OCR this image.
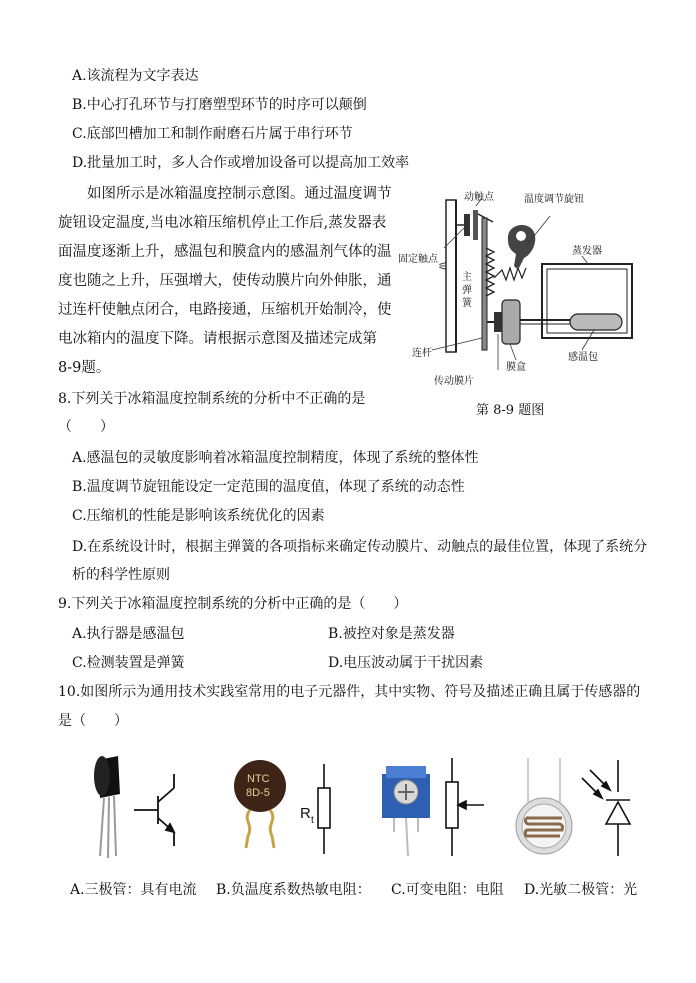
A.该流程为文字表达
B.中心打孔环节与打磨塑型环节的时序可以颠倒
C.底部凹槽加工和制作耐磨石片属于串行环节
D.批量加工时，多人合作或增加设备可以提高加工效率
　　如图所示是冰箱温度控制示意图。通过温度调节
旋钮设定温度,当电冰箱压缩机停止工作后,蒸发器表
面温度逐渐上升，感温包和膜盒内的感温剂气体的温
度也随之上升，压强增大，使传动膜片向外伸胀，通
过连杆使触点闭合，电路接通，压缩机开始制冷，使
电冰箱内的温度下降。请根据示意图及描述完成第
8-9题。
⚟
动触点	温度调节旋钮
固定触点
主
弹
簧
蒸发器
连杆
膜盒
感温包
传动膜片
第 8-9 题图
8.下列关于冰箱温度控制系统的分析中不正确的是
（　　）
A.感温包的灵敏度影响着冰箱温度控制精度，体现了系统的整体性
B.温度调节旋钮能设定一定范围的温度值，体现了系统的动态性
C.压缩机的性能是影响该系统优化的因素
D.在系统设计时，根据主弹簧的各项指标来确定传动膜片、动触点的最佳位置，体现了系统分
析的科学性原则
9.下列关于冰箱温度控制系统的分析中正确的是（　　）
A.执行器是感温包	B.被控对象是蒸发器
C.检测装置是弹簧	D.电压波动属于干扰因素
10.如图所示为通用技术实践室常用的电子元器件，其中实物、符号及描述正确且属于传感器的
是（　　）
NTC
8D-5
R t
A.三极管：具有电流 B.负温度系数热敏电阻： C.可变电阻：电阻 D.光敏二极管：光
